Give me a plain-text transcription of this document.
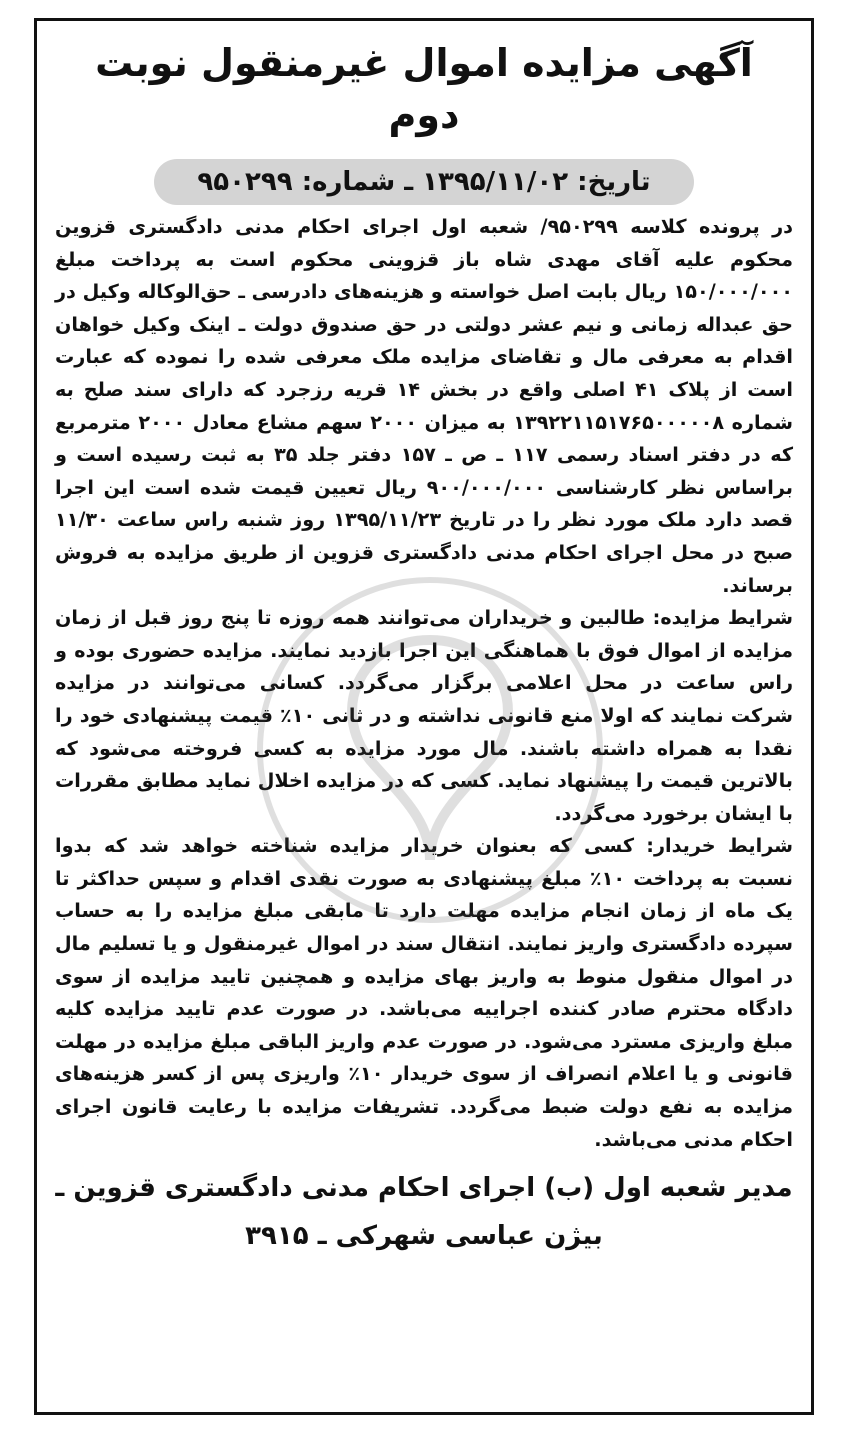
آگهی مزایده اموال غیرمنقول نوبت دوم
تاریخ: ۱۳۹۵/۱۱/۰۲ ـ شماره: ۹۵۰۲۹۹

در پرونده کلاسه ۹۵۰۲۹۹/ شعبه اول اجرای احکام مدنی دادگستری قزوین محکوم علیه آقای مهدی شاه باز قزوینی محکوم است به پرداخت مبلغ ۱۵۰/۰۰۰/۰۰۰ ریال بابت اصل خواسته و هزینه‌های دادرسی ـ حق‌الوکاله وکیل در حق عبداله زمانی و نیم عشر دولتی در حق صندوق دولت ـ اینک وکیل خواهان اقدام به معرفی مال و تقاضای مزایده ملک معرفی شده را نموده که عبارت است از پلاک ۴۱ اصلی واقع در بخش ۱۴ قریه رزجرد که دارای سند صلح به شماره ۱۳۹۲۲۱۱۵۱۷۶۵۰۰۰۰۰۸ به میزان ۲۰۰۰ سهم مشاع معادل ۲۰۰۰ مترمربع که در دفتر اسناد رسمی ۱۱۷ ـ ص ـ ۱۵۷ دفتر جلد ۳۵ به ثبت رسیده است و براساس نظر کارشناسی ۹۰۰/۰۰۰/۰۰۰ ریال تعیین قیمت شده است این اجرا قصد دارد ملک مورد نظر را در تاریخ ۱۳۹۵/۱۱/۲۳ روز شنبه راس ساعت ۱۱/۳۰ صبح در محل اجرای احکام مدنی دادگستری قزوین از طریق مزایده به فروش برساند.

شرایط مزایده: طالبین و خریداران می‌توانند همه روزه تا پنج روز قبل از زمان مزایده از اموال فوق با هماهنگی این اجرا بازدید نمایند. مزایده حضوری بوده و راس ساعت در محل اعلامی برگزار می‌گردد. کسانی می‌توانند در مزایده شرکت نمایند که اولا منع قانونی نداشته و در ثانی ۱۰٪ قیمت پیشنهادی خود را نقدا به همراه داشته باشند. مال مورد مزایده به کسی فروخته می‌شود که بالاترین قیمت را پیشنهاد نماید. کسی که در مزایده اخلال نماید مطابق مقررات با ایشان برخورد می‌گردد.

شرایط خریدار: کسی که بعنوان خریدار مزایده شناخته خواهد شد که بدوا نسبت به پرداخت ۱۰٪ مبلغ پیشنهادی به صورت نقدی اقدام و سپس حداکثر تا یک ماه از زمان انجام مزایده مهلت دارد تا مابقی مبلغ مزایده را به حساب سپرده دادگستری واریز نمایند. انتقال سند در اموال غیرمنقول و یا تسلیم مال در اموال منقول منوط به واریز بهای مزایده و همچنین تایید مزایده از سوی دادگاه محترم صادر کننده اجراییه می‌باشد. در صورت عدم تایید مزایده کلیه مبلغ واریزی مسترد می‌شود. در صورت عدم واریز الباقی مبلغ مزایده در مهلت قانونی و یا اعلام انصراف از سوی خریدار ۱۰٪ واریزی پس از کسر هزینه‌های مزایده به نفع دولت ضبط می‌گردد. تشریفات مزایده با رعایت قانون اجرای احکام مدنی می‌باشد.

مدیر شعبه اول (ب) اجرای احکام مدنی دادگستری قزوین ـ
بیژن عباسی شهرکی ـ ۳۹۱۵
